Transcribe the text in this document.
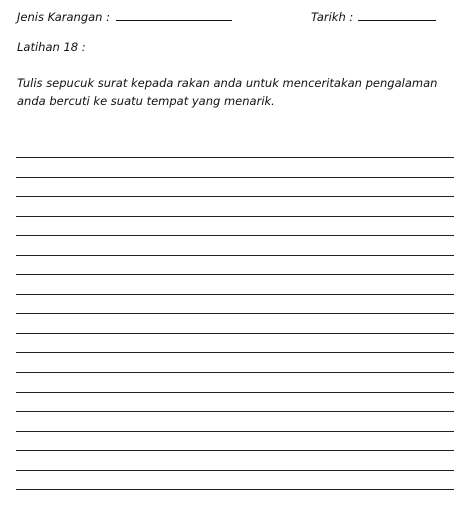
Jenis Karangan :	Tarikh :
Latihan 18 :
Tulis sepucuk surat kepada rakan anda untuk menceritakan pengalaman anda bercuti ke suatu tempat yang menarik.
